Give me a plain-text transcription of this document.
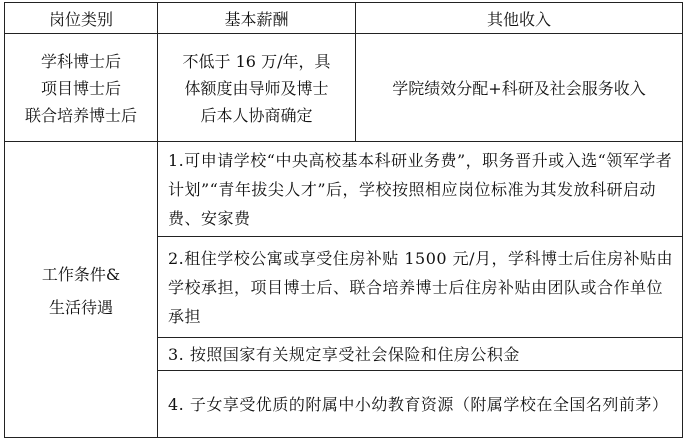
岗位类别	基本薪酬	其他收入
学科博士后
项目博士后
联合培养博士后
不低于 16 万/年，具
体额度由导师及博士
后本人协商确定
学院绩效分配+科研及社会服务收入
工作条件&
生活待遇
1.可申请学校“中央高校基本科研业务费”，职务晋升或入选“领军学者计划”“青年拔尖人才”后，学校按照相应岗位标准为其发放科研启动费、安家费
2.租住学校公寓或享受住房补贴 1500 元/月，学科博士后住房补贴由学校承担，项目博士后、联合培养博士后住房补贴由团队或合作单位承担
3. 按照国家有关规定享受社会保险和住房公积金
4. 子女享受优质的附属中小幼教育资源（附属学校在全国名列前茅）
